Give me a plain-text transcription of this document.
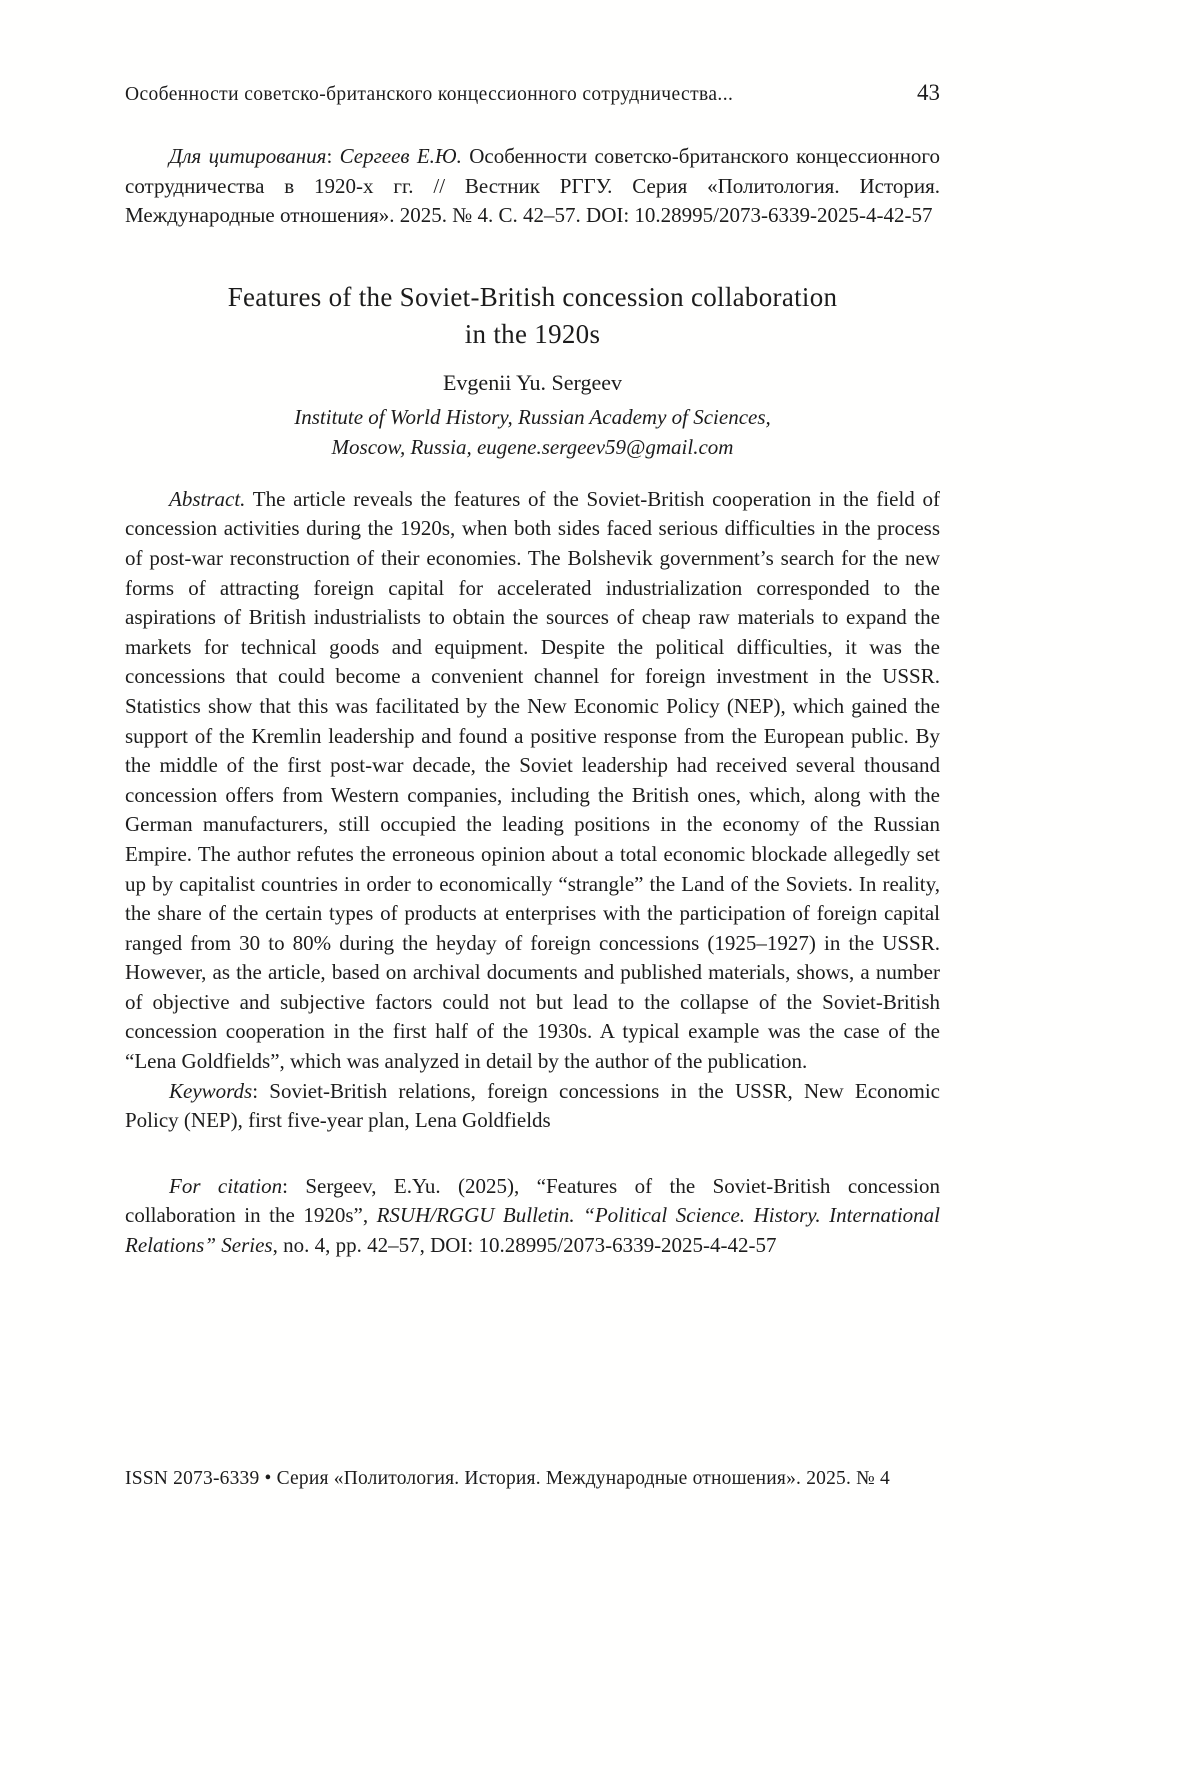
Особенности советско-британского концессионного сотрудничества...	43

Для цитирования: Сергеев Е.Ю. Особенности советско-британского концессионного сотрудничества в 1920-х гг. // Вестник РГГУ. Серия «Политология. История. Международные отношения». 2025. № 4. С. 42–57. DOI: 10.28995/2073-6339-2025-4-42-57

Features of the Soviet-British concession collaboration
in the 1920s
Evgenii Yu. Sergeev
Institute of World History, Russian Academy of Sciences,
Moscow, Russia, eugene.sergeev59@gmail.com

Abstract. The article reveals the features of the Soviet-British cooperation in the field of concession activities during the 1920s, when both sides faced serious difficulties in the process of post-war reconstruction of their economies. The Bolshevik government’s search for the new forms of attracting foreign capital for accelerated industrialization corresponded to the aspirations of British industrialists to obtain the sources of cheap raw materials to expand the markets for technical goods and equipment. Despite the political difficulties, it was the concessions that could become a convenient channel for foreign investment in the USSR. Statistics show that this was facilitated by the New Economic Policy (NEP), which gained the support of the Kremlin leadership and found a positive response from the European public. By the middle of the first post-war decade, the Soviet leadership had received several thousand concession offers from Western companies, including the British ones, which, along with the German manufacturers, still occupied the leading positions in the economy of the Russian Empire. The author refutes the erroneous opinion about a total economic blockade allegedly set up by capitalist countries in order to economically “strangle” the Land of the Soviets. In reality, the share of the certain types of products at enterprises with the participation of foreign capital ranged from 30 to 80% during the heyday of foreign concessions (1925–1927) in the USSR. However, as the article, based on archival documents and published materials, shows, a number of objective and subjective factors could not but lead to the collapse of the Soviet-British concession cooperation in the first half of the 1930s. A typical example was the case of the “Lena Goldfields”, which was analyzed in detail by the author of the publication.

Keywords: Soviet-British relations, foreign concessions in the USSR, New Economic Policy (NEP), first five-year plan, Lena Goldfields

For citation: Sergeev, E.Yu. (2025), “Features of the Soviet-British concession collaboration in the 1920s”, RSUH/RGGU Bulletin. “Political Science. History. International Relations” Series, no. 4, pp. 42–57, DOI: 10.28995/2073-6339-2025-4-42-57

ISSN 2073-6339 • Серия «Политология. История. Международные отношения». 2025. № 4
